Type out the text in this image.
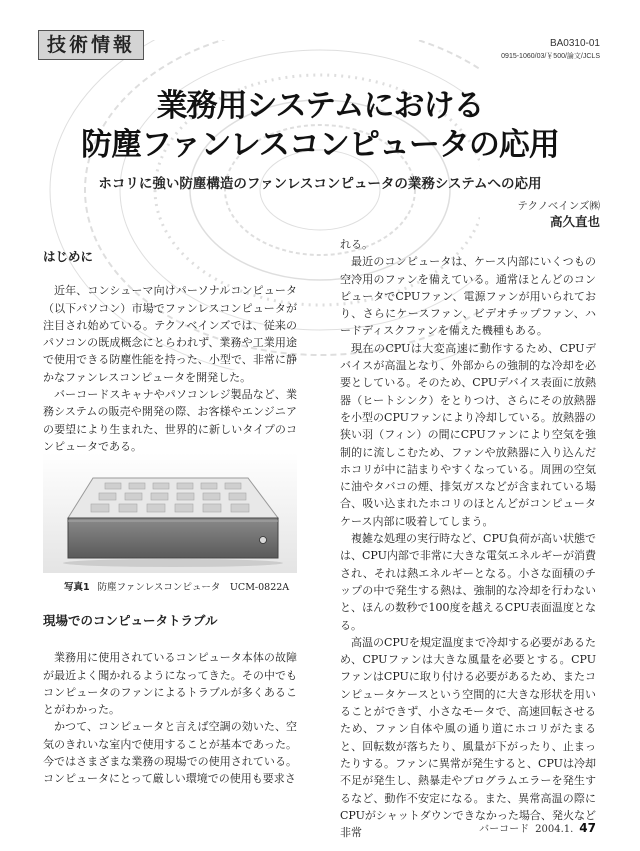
技術情報	BA0310-01
0915-1060/03/￥500/論文/JCLS
業務用システムにおける
防塵ファンレスコンピュータの応用
ホコリに強い防塵構造のファンレスコンピュータの業務システムへの応用
テクノベインズ㈱
高久直也

はじめに

近年、コンシューマ向けパーソナルコンピュータ（以下パソコン）市場でファンレスコンピュータが注目され始めている。テクノベインズでは、従来のパソコンの既成概念にとらわれず、業務や工業用途で使用できる防塵性能を持った、小型で、非常に静かなファンレスコンピュータを開発した。

バーコードスキャナやパソコンレジ製品など、業務システムの販売や開発の際、お客様やエンジニアの要望により生まれた、世界的に新しいタイプのコンピュータである。

写真1 防塵ファンレスコンピュータ　UCM-0822A

現場でのコンピュータトラブル

業務用に使用されているコンピュータ本体の故障が最近よく聞かれるようになってきた。その中でもコンピュータのファンによるトラブルが多くあることがわかった。

かつて、コンピュータと言えば空調の効いた、空気のきれいな室内で使用することが基本であった。今ではさまざまな業務の現場での使用されている。コンピュータにとって厳しい環境での使用も要求さ

れる。

最近のコンピュータは、ケース内部にいくつもの空冷用のファンを備えている。通常ほとんどのコンピュータでCPUファン、電源ファンが用いられており、さらにケースファン、ビデオチップファン、ハードディスクファンを備えた機種もある。

現在のCPUは大変高速に動作するため、CPUデバイスが高温となり、外部からの強制的な冷却を必要としている。そのため、CPUデバイス表面に放熱器（ヒートシンク）をとりつけ、さらにその放熱器を小型のCPUファンにより冷却している。放熱器の狭い羽（フィン）の間にCPUファンにより空気を強制的に流しこむため、ファンや放熱器に入り込んだホコリが中に詰まりやすくなっている。周囲の空気に油やタバコの煙、排気ガスなどが含まれている場合、吸い込まれたホコリのほとんどがコンピュータケース内部に吸着してしまう。

複雑な処理の実行時など、CPU負荷が高い状態では、CPU内部で非常に大きな電気エネルギーが消費され、それは熱エネルギーとなる。小さな面積のチップの中で発生する熱は、強制的な冷却を行わないと、ほんの数秒で100度を越えるCPU表面温度となる。

高温のCPUを規定温度まで冷却する必要があるため、CPUファンは大きな風量を必要とする。CPUファンはCPUに取り付ける必要があるため、またコンピュータケースという空間的に大きな形状を用いることができず、小さなモータで、高速回転させるため、ファン自体や風の通り道にホコリがたまると、回転数が落ちたり、風量が下がったり、止まったりする。ファンに異常が発生すると、CPUは冷却不足が発生し、熱暴走やプログラムエラーを発生するなど、動作不安定になる。また、異常高温の際にCPUがシャットダウンできなかった場合、発火など非常	バーコード 2004.1. 47
